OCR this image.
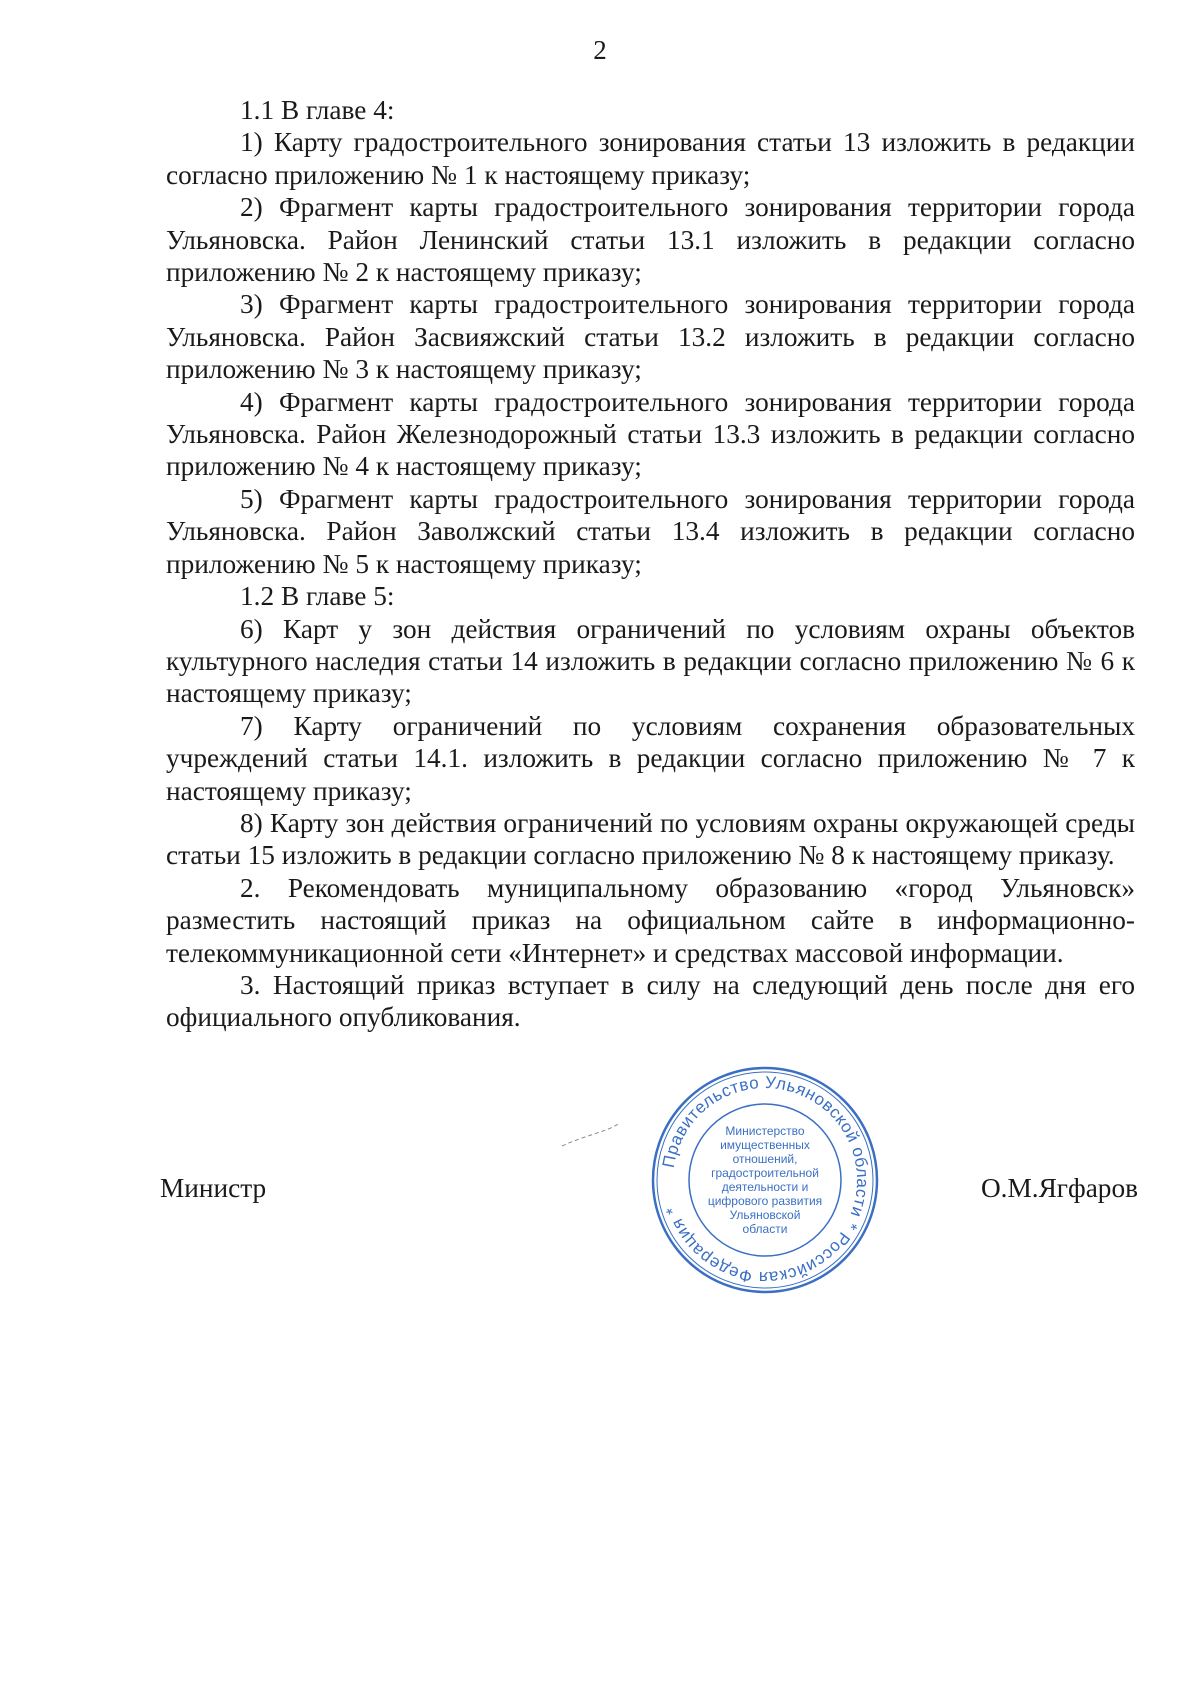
2

1.1 В главе 4:

1) Карту градостроительного зонирования статьи 13 изложить в редакции согласно приложению № 1 к настоящему приказу;

2) Фрагмент карты градостроительного зонирования территории города Ульяновска. Район Ленинский статьи 13.1 изложить в редакции согласно приложению № 2 к настоящему приказу;

3) Фрагмент карты градостроительного зонирования территории города Ульяновска. Район Засвияжский статьи 13.2 изложить в редакции согласно приложению № 3 к настоящему приказу;

4) Фрагмент карты градостроительного зонирования территории города Ульяновска. Район Железнодорожный статьи 13.3 изложить в редакции согласно приложению № 4 к настоящему приказу;

5) Фрагмент карты градостроительного зонирования территории города Ульяновска. Район Заволжский статьи 13.4 изложить в редакции согласно приложению № 5 к настоящему приказу;

1.2 В главе 5:

6) Карт у зон действия ограничений по условиям охраны объектов культурного наследия статьи 14 изложить в редакции согласно приложению № 6 к настоящему приказу;

7) Карту ограничений по условиям сохранения образовательных учреждений статьи 14.1. изложить в редакции согласно приложению № 7 к настоящему приказу;

8) Карту зон действия ограничений по условиям охраны окружающей среды статьи 15 изложить в редакции согласно приложению № 8 к настоящему приказу.

2. Рекомендовать муниципальному образованию «город Ульяновск» разместить настоящий приказ на официальном сайте в информационно-телекоммуникационной сети «Интернет» и средствах массовой информации.

3. Настоящий приказ вступает в силу на следующий день после дня его официального опубликования.

Правительство Ульяновской области * Российская Федерация *
Министерство
имущественных
отношений,
градостроительной
деятельности и
цифрового развития
Ульяновской
области
Министр	О.М.Ягфаров
